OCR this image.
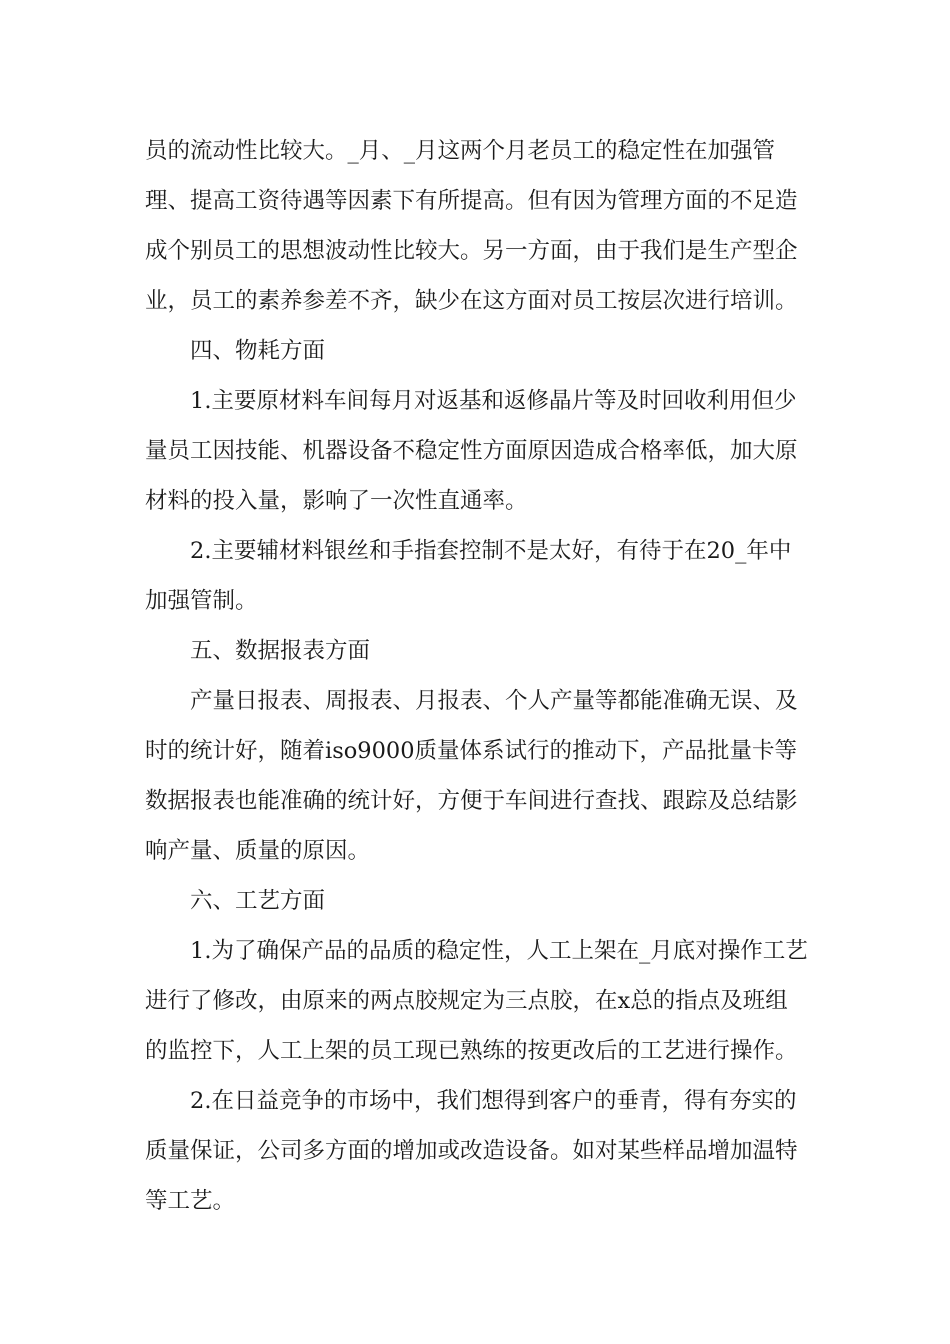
员的流动性比较大。_月、_月这两个月老员工的稳定性在加强管理、提高工资待遇等因素下有所提高。但有因为管理方面的不足造成个别员工的思想波动性比较大。另一方面，由于我们是生产型企业，员工的素养参差不齐，缺少在这方面对员工按层次进行培训。

四、物耗方面

1.主要原材料车间每月对返基和返修晶片等及时回收利用但少量员工因技能、机器设备不稳定性方面原因造成合格率低，加大原材料的投入量，影响了一次性直通率。

2.主要辅材料银丝和手指套控制不是太好，有待于在20_年中加强管制。

五、数据报表方面

产量日报表、周报表、月报表、个人产量等都能准确无误、及时的统计好，随着iso9000质量体系试行的推动下，产品批量卡等数据报表也能准确的统计好，方便于车间进行查找、跟踪及总结影响产量、质量的原因。

六、工艺方面

1.为了确保产品的品质的稳定性，人工上架在_月底对操作工艺进行了修改，由原来的两点胶规定为三点胶，在x总的指点及班组的监控下，人工上架的员工现已熟练的按更改后的工艺进行操作。

2.在日益竞争的市场中，我们想得到客户的垂青，得有夯实的质量保证，公司多方面的增加或改造设备。如对某些样品增加温特等工艺。
